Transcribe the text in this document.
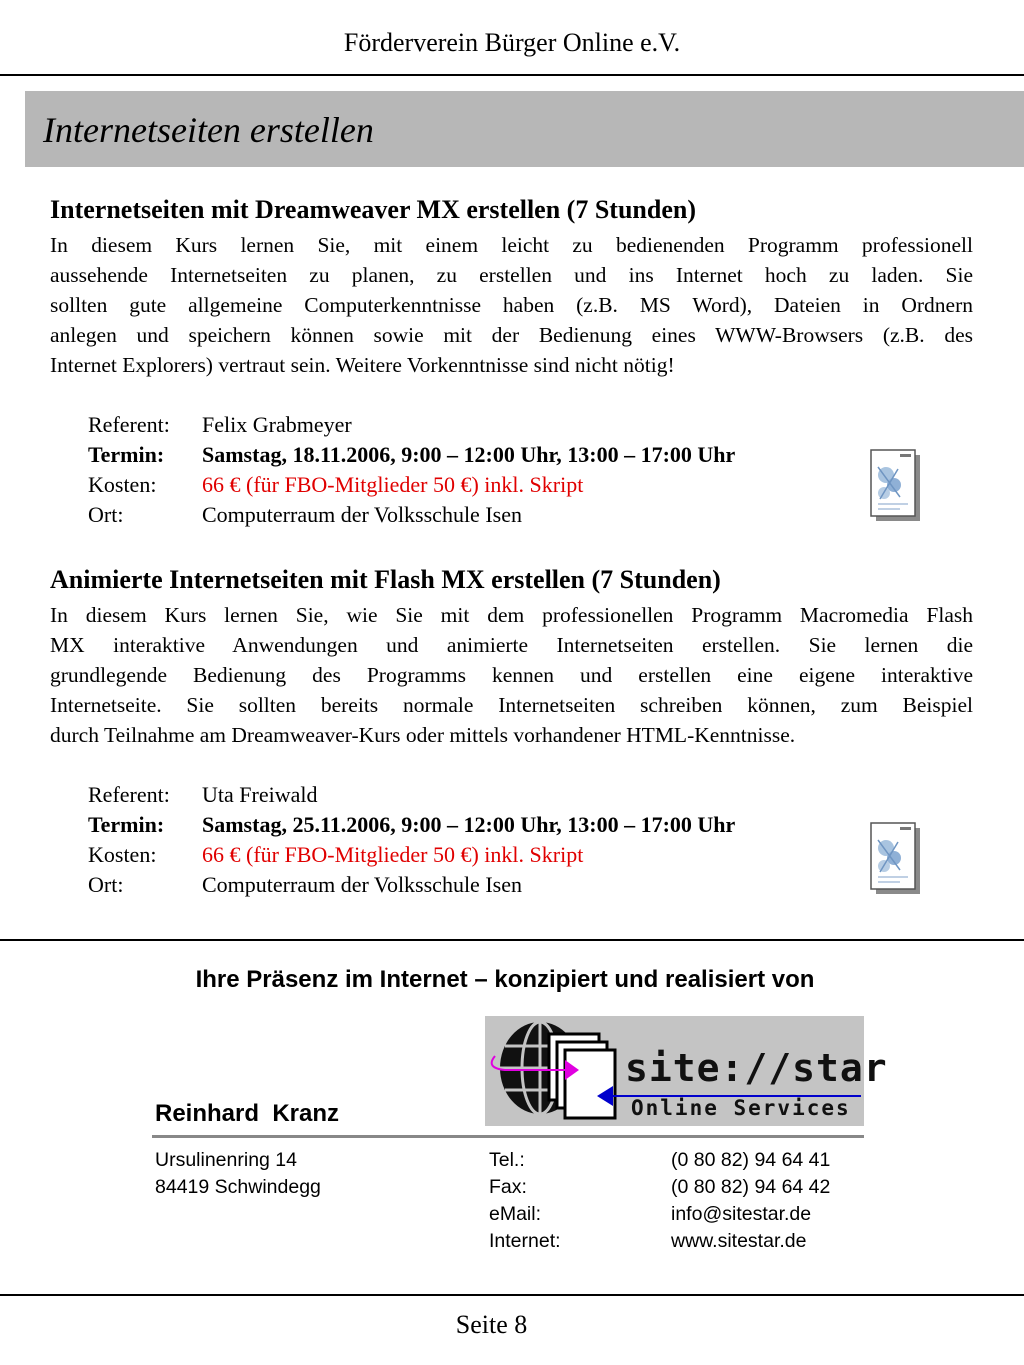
Förderverein Bürger Online e.V.
Internetseiten erstellen
Internetseiten mit Dreamweaver MX erstellen (7 Stunden)
In diesem Kurs lernen Sie, mit einem leicht zu bedienenden Programm professionell
aussehende Internetseiten zu planen, zu erstellen und ins Internet hoch zu laden. Sie
sollten gute allgemeine Computerkenntnisse haben (z.B. MS Word), Dateien in Ordnern
anlegen und speichern können sowie mit der Bedienung eines WWW-Browsers (z.B. des
Internet Explorers) vertraut sein. Weitere Vorkenntnisse sind nicht nötig!
Referent: Felix Grabmeyer
Termin: Samstag, 18.11.2006, 9:00 – 12:00 Uhr, 13:00 – 17:00 Uhr
Kosten: 66 € (für FBO-Mitglieder 50 €) inkl. Skript
Ort:	Computerraum der Volksschule Isen
Animierte Internetseiten mit Flash MX erstellen (7 Stunden)
In diesem Kurs lernen Sie, wie Sie mit dem professionellen Programm Macromedia Flash
MX interaktive Anwendungen und animierte Internetseiten erstellen. Sie lernen die
grundlegende Bedienung des Programms kennen und erstellen eine eigene interaktive
Internetseite. Sie sollten bereits normale Internetseiten schreiben können, zum Beispiel
durch Teilnahme am Dreamweaver-Kurs oder mittels vorhandener HTML-Kenntnisse.
Referent: Uta Freiwald
Termin: Samstag, 25.11.2006, 9:00 – 12:00 Uhr, 13:00 – 17:00 Uhr
Kosten: 66 € (für FBO-Mitglieder 50 €) inkl. Skript
Ort:	Computerraum der Volksschule Isen
Ihre Präsenz im Internet – konzipiert und realisiert von
site://star
Online Services
Reinhard  Kranz
Ursulinenring 14
84419 Schwindegg
Tel.:	(0 80 82) 94 64 41
Fax:	(0 80 82) 94 64 42
eMail:	info@sitestar.de
Internet:	www.sitestar.de
Seite 8
